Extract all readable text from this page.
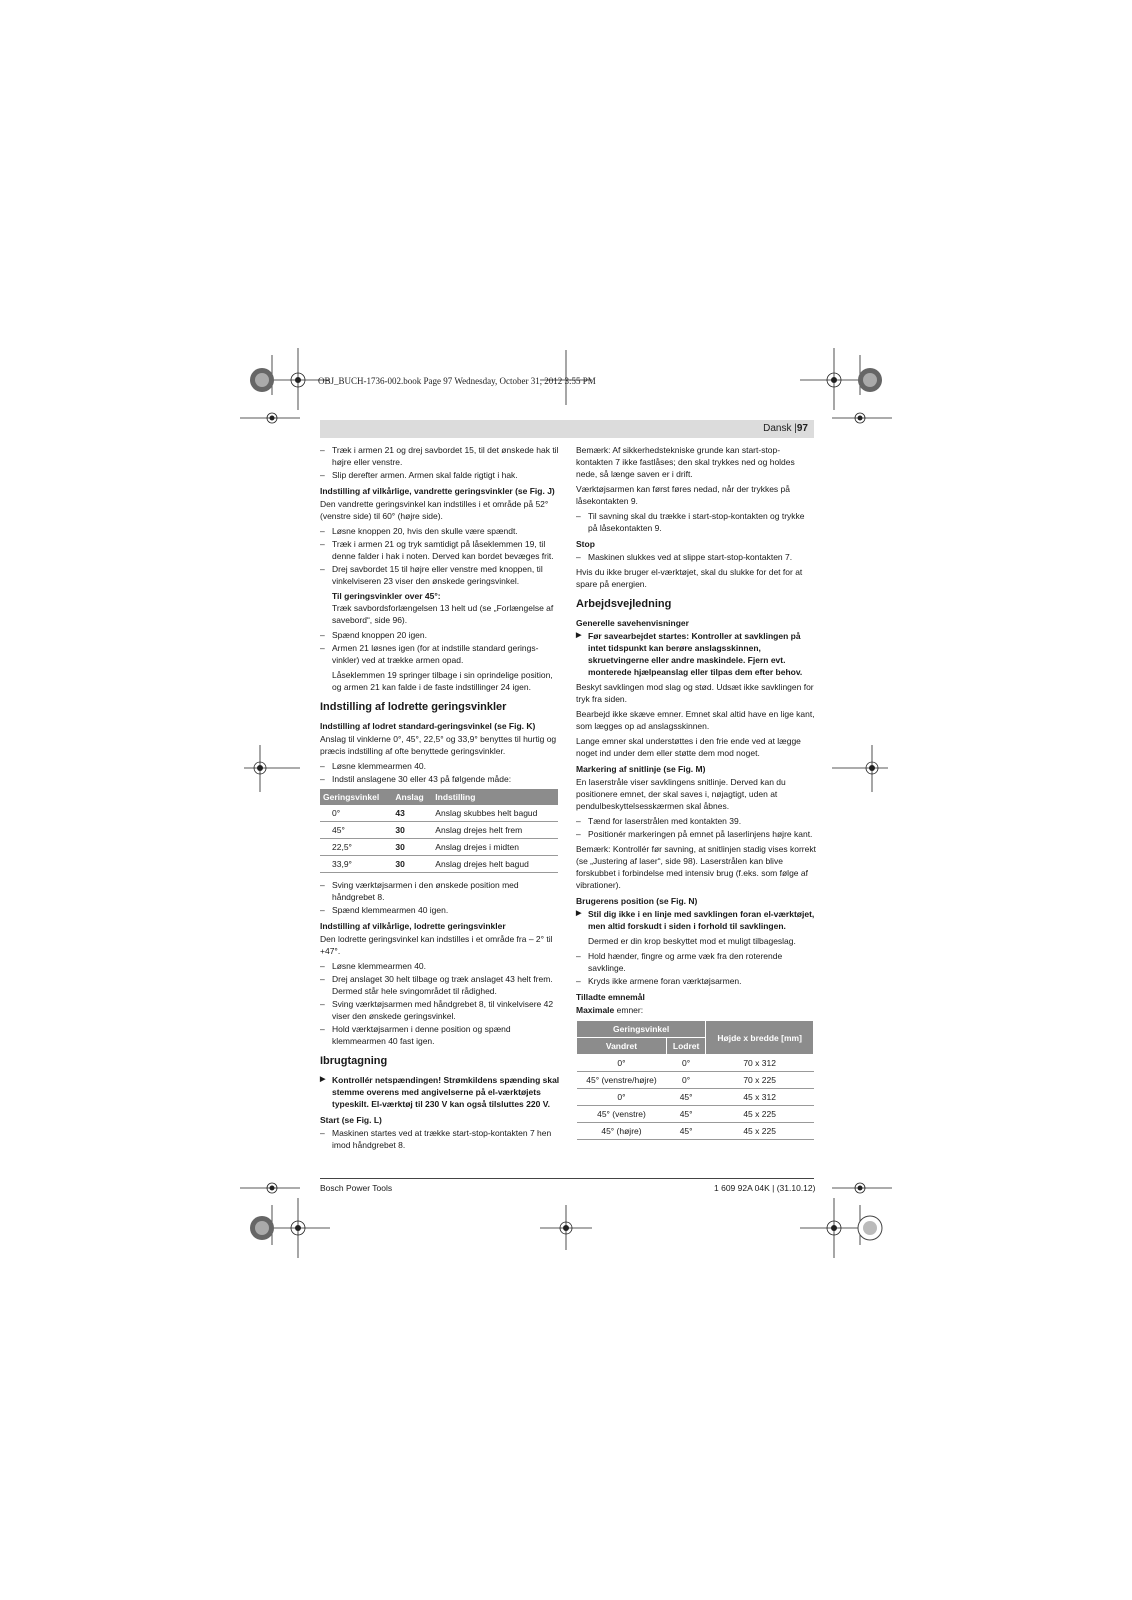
OBJ_BUCH-1736-002.book Page 97 Wednesday, October 31, 2012 3:55 PM
Dansk |97
– Træk i armen 21 og drej savbordet 15, til det ønskede hak til højre eller venstre.
– Slip derefter armen. Armen skal falde rigtigt i hak.
Indstilling af vilkårlige, vandrette geringsvinkler (se Fig. J)

Den vandrette geringsvinkel kan indstilles i et område på 52° (venstre side) til 60° (højre side).

– Løsne knoppen 20, hvis den skulle være spændt.
– Træk i armen 21 og tryk samtidigt på låseklemmen 19, til denne falder i hak i noten. Derved kan bordet bevæges frit.
– Drej savbordet 15 til højre eller venstre med knoppen, til vinkelviseren 23 viser den ønskede geringsvinkel.
Til geringsvinkler over 45°:

Træk savbordsforlængelsen 13 helt ud (se „Forlængelse af savebord“, side 96).

– Spænd knoppen 20 igen.
– Armen 21 løsnes igen (for at indstille standard gerings-vinkler) ved at trække armen opad.

Låseklemmen 19 springer tilbage i sin oprindelige position, og armen 21 kan falde i de faste indstillinger 24 igen.

Indstilling af lodrette geringsvinkler
Indstilling af lodret standard-geringsvinkel (se Fig. K)

Anslag til vinklerne 0°, 45°, 22,5° og 33,9° benyttes til hurtig og præcis indstilling af ofte benyttede geringsvinkler.

– Løsne klemmearmen 40.
– Indstil anslagene 30 eller 43 på følgende måde:
Geringsvinkel	Anslag	Indstilling
0°	43	Anslag skubbes helt bagud
45°	30	Anslag drejes helt frem
22,5°	30	Anslag drejes i midten
33,9°	30	Anslag drejes helt bagud
– Sving værktøjsarmen i den ønskede position med håndgrebet 8.
– Spænd klemmearmen 40 igen.
Indstilling af vilkårlige, lodrette geringsvinkler

Den lodrette geringsvinkel kan indstilles i et område fra – 2° til +47°.

– Løsne klemmearmen 40.
– Drej anslaget 30 helt tilbage og træk anslaget 43 helt frem. Dermed står hele svingområdet til rådighed.
– Sving værktøjsarmen med håndgrebet 8, til vinkelvisere 42 viser den ønskede geringsvinkel.
– Hold værktøjsarmen i denne position og spænd klemmearmen 40 fast igen.
Ibrugtagning
▶ Kontrollér netspændingen! Strømkildens spænding skal stemme overens med angivelserne på el-værktøjets typeskilt. El-værktøj til 230 V kan også tilsluttes 220 V.
Start (se Fig. L)
– Maskinen startes ved at trække start-stop-kontakten 7 hen imod håndgrebet 8.

Bemærk: Af sikkerhedstekniske grunde kan start-stop-kontakten 7 ikke fastlåses; den skal trykkes ned og holdes nede, så længe saven er i drift.

Værktøjsarmen kan først føres nedad, når der trykkes på låsekontakten 9.

– Til savning skal du trække i start-stop-kontakten og trykke på låsekontakten 9.
Stop
– Maskinen slukkes ved at slippe start-stop-kontakten 7.

Hvis du ikke bruger el-værktøjet, skal du slukke for det for at spare på energien.

Arbejdsvejledning
Generelle savehenvisninger
▶ Før savearbejdet startes: Kontroller at savklingen på intet tidspunkt kan berøre anslagsskinnen, skruetvingerne eller andre maskindele. Fjern evt. monterede hjælpeanslag eller tilpas dem efter behov.

Beskyt savklingen mod slag og stød. Udsæt ikke savklingen for tryk fra siden.

Bearbejd ikke skæve emner. Emnet skal altid have en lige kant, som lægges op ad anslagsskinnen.

Lange emner skal understøttes i den frie ende ved at lægge noget ind under dem eller støtte dem mod noget.

Markering af snitlinje (se Fig. M)

En laserstråle viser savklingens snitlinje. Derved kan du positionere emnet, der skal saves i, nøjagtigt, uden at pendulbeskyttelsesskærmen skal åbnes.

– Tænd for laserstrålen med kontakten 39.
– Positionér markeringen på emnet på laserlinjens højre kant.

Bemærk: Kontrollér før savning, at snitlinjen stadig vises korrekt (se „Justering af laser“, side 98). Laserstrålen kan blive forskubbet i forbindelse med intensiv brug (f.eks. som følge af vibrationer).

Brugerens position (se Fig. N)
▶ Stil dig ikke i en linje med savklingen foran el-værktøjet, men altid forskudt i siden i forhold til savklingen.

Dermed er din krop beskyttet mod et muligt tilbageslag.

– Hold hænder, fingre og arme væk fra den roterende savklinge.
– Kryds ikke armene foran værktøjsarmen.
Tilladte emnemål

Maximale emner:

Geringsvinkel		Højde x bredde [mm]
Vandret	Lodret	
0°	0°	70 x 312
45° (venstre/højre)	0°	70 x 225
0°	45°	45 x 312
45° (venstre)	45°	45 x 225
45° (højre)	45°	45 x 225
Bosch Power Tools	1 609 92A 04K | (31.10.12)
